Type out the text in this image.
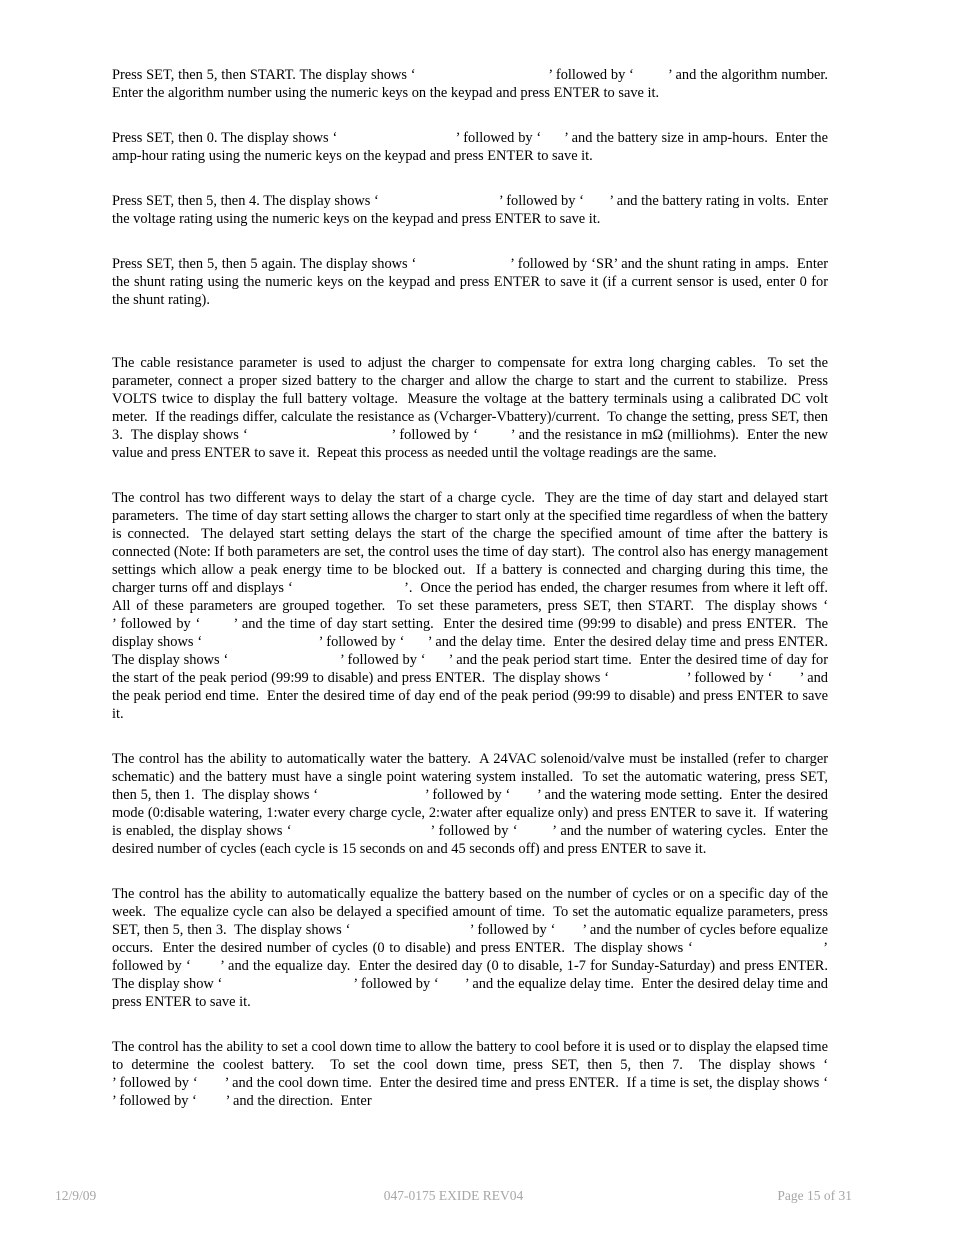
Press SET, then 5, then START. The display shows ‘                                   ’ followed by ‘         ’ and the algorithm number.  Enter the algorithm number using the numeric keys on the keypad and press ENTER to save it.

Press SET, then 0. The display shows ‘                               ’ followed by ‘      ’ and the battery size in amp-hours.  Enter the amp-hour rating using the numeric keys on the keypad and press ENTER to save it.

Press SET, then 5, then 4. The display shows ‘                                 ’ followed by ‘       ’ and the battery rating in volts.  Enter the voltage rating using the numeric keys on the keypad and press ENTER to save it.

Press SET, then 5, then 5 again. The display shows ‘                        ’ followed by ‘SR’ and the shunt rating in amps.  Enter the shunt rating using the numeric keys on the keypad and press ENTER to save it (if a current sensor is used, enter 0 for the shunt rating).

The cable resistance parameter is used to adjust the charger to compensate for extra long charging cables.  To set the parameter, connect a proper sized battery to the charger and allow the charge to start and the current to stabilize.  Press VOLTS twice to display the full battery voltage.  Measure the voltage at the battery terminals using a calibrated DC volt meter.  If the readings differ, calculate the resistance as (Vcharger-Vbattery)/current.  To change the setting, press SET, then 3.  The display shows ‘                                   ’ followed by ‘        ’ and the resistance in mΩ (milliohms).  Enter the new value and press ENTER to save it.  Repeat this process as needed until the voltage readings are the same.

The control has two different ways to delay the start of a charge cycle.  They are the time of day start and delayed start parameters.  The time of day start setting allows the charger to start only at the specified time regardless of when the battery is connected.  The delayed start setting delays the start of the charge the specified amount of time after the battery is connected (Note: If both parameters are set, the control uses the time of day start).  The control also has energy management settings which allow a peak energy time to be blocked out.  If a battery is connected and charging during this time, the charger turns off and displays ‘                            ’.  Once the period has ended, the charger resumes from where it left off.  All of these parameters are grouped together.  To set these parameters, press SET, then START.  The display shows ‘                                 ’ followed by ‘       ’ and the time of day start setting.  Enter the desired time (99:99 to disable) and press ENTER.  The display shows ‘                              ’ followed by ‘      ’ and the delay time.  Enter the desired delay time and press ENTER.  The display shows ‘                             ’ followed by ‘      ’ and the peak period start time.  Enter the desired time of day for the start of the peak period (99:99 to disable) and press ENTER.  The display shows ‘                    ’ followed by ‘       ’ and the peak period end time.  Enter the desired time of day end of the peak period (99:99 to disable) and press ENTER to save it.

The control has the ability to automatically water the battery.  A 24VAC solenoid/valve must be installed (refer to charger schematic) and the battery must have a single point watering system installed.  To set the automatic watering, press SET, then 5, then 1.  The display shows ‘                            ’ followed by ‘       ’ and the watering mode setting.  Enter the desired mode (0:disable watering, 1:water every charge cycle, 2:water after equalize only) and press ENTER to save it.  If watering is enabled, the display shows ‘                                ’ followed by ‘        ’ and the number of watering cycles.  Enter the desired number of cycles (each cycle is 15 seconds on and 45 seconds off) and press ENTER to save it.

The control has the ability to automatically equalize the battery based on the number of cycles or on a specific day of the week.  The equalize cycle can also be delayed a specified amount of time.  To set the automatic equalize parameters, press SET, then 5, then 3.  The display shows ‘                               ’ followed by ‘       ’ and the number of cycles before equalize occurs.  Enter the desired number of cycles (0 to disable) and press ENTER.  The display shows ‘                            ’ followed by ‘       ’ and the equalize day.  Enter the desired day (0 to disable, 1-7 for Sunday-Saturday) and press ENTER.  The display show ‘                                   ’ followed by ‘       ’ and the equalize delay time.  Enter the desired delay time and press ENTER to save it.

The control has the ability to set a cool down time to allow the battery to cool before it is used or to display the elapsed time to determine the coolest battery.  To set the cool down time, press SET, then 5, then 7.  The display shows ‘                                   ’ followed by ‘       ’ and the cool down time.  Enter the desired time and press ENTER.  If a time is set, the display shows ‘                               ’ followed by ‘        ’ and the direction.  Enter

12/9/09	047-0175 EXIDE REV04	Page 15 of 31
